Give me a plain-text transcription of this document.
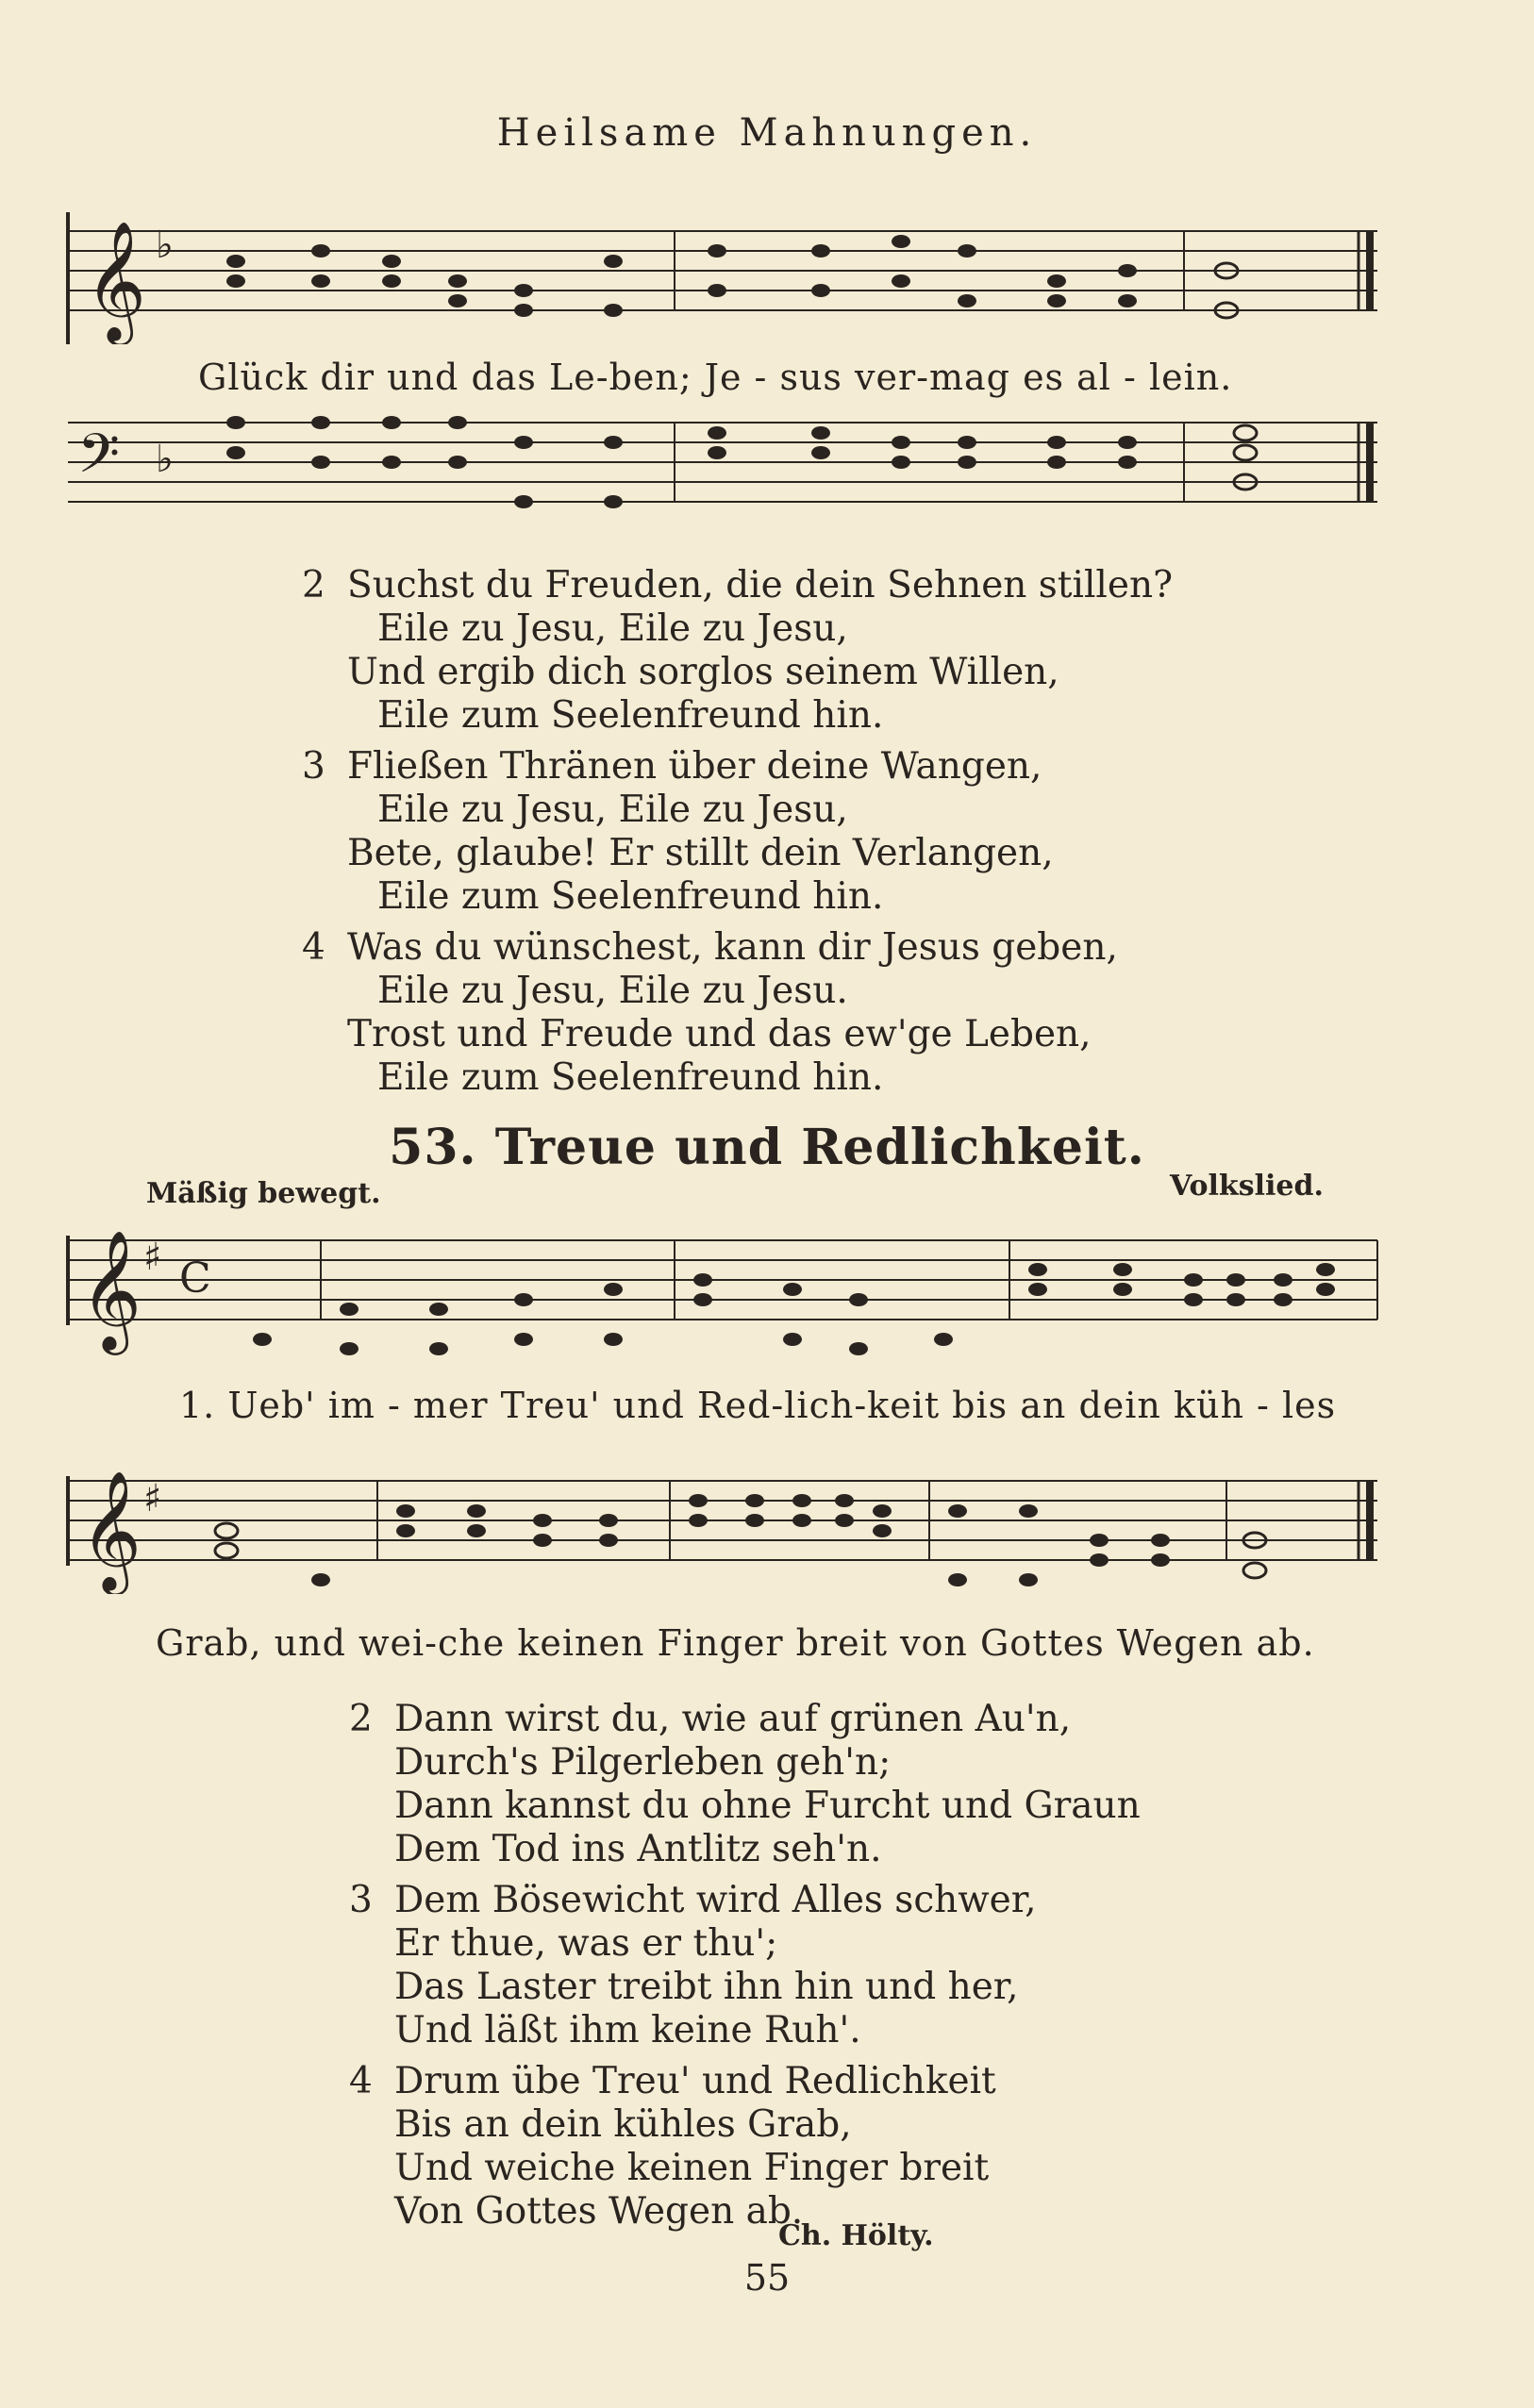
Heilsame Mahnungen.
𝄞 ♭
Glück dir und das Le-ben; Je - sus ver-mag es al - lein.
𝄢 ♭
2 Suchst du Freuden, die dein Sehnen stillen?
Eile zu Jesu, Eile zu Jesu,
Und ergib dich sorglos seinem Willen,
Eile zum Seelenfreund hin.
3 Fließen Thränen über deine Wangen,
Eile zu Jesu, Eile zu Jesu,
Bete, glaube! Er stillt dein Verlangen,
Eile zum Seelenfreund hin.
4 Was du wünschest, kann dir Jesus geben,
Eile zu Jesu, Eile zu Jesu.
Trost und Freude und das ew'ge Leben,
Eile zum Seelenfreund hin.
53. Treue und Redlichkeit.
Mäßig bewegt.	Volkslied.
𝄞 ♯ C
1. Ueb' im - mer Treu' und Red-lich-keit bis an dein küh - les
𝄞 ♯
Grab, und wei-che keinen Finger breit von Gottes Wegen ab.
2 Dann wirst du, wie auf grünen Au'n,
Durch's Pilgerleben geh'n;
Dann kannst du ohne Furcht und Graun
Dem Tod ins Antlitz seh'n.
3 Dem Bösewicht wird Alles schwer,
Er thue, was er thu';
Das Laster treibt ihn hin und her,
Und läßt ihm keine Ruh'.
4 Drum übe Treu' und Redlichkeit
Bis an dein kühles Grab,
Und weiche keinen Finger breit
Von Gottes Wegen ab.
Ch. Hölty.
55
